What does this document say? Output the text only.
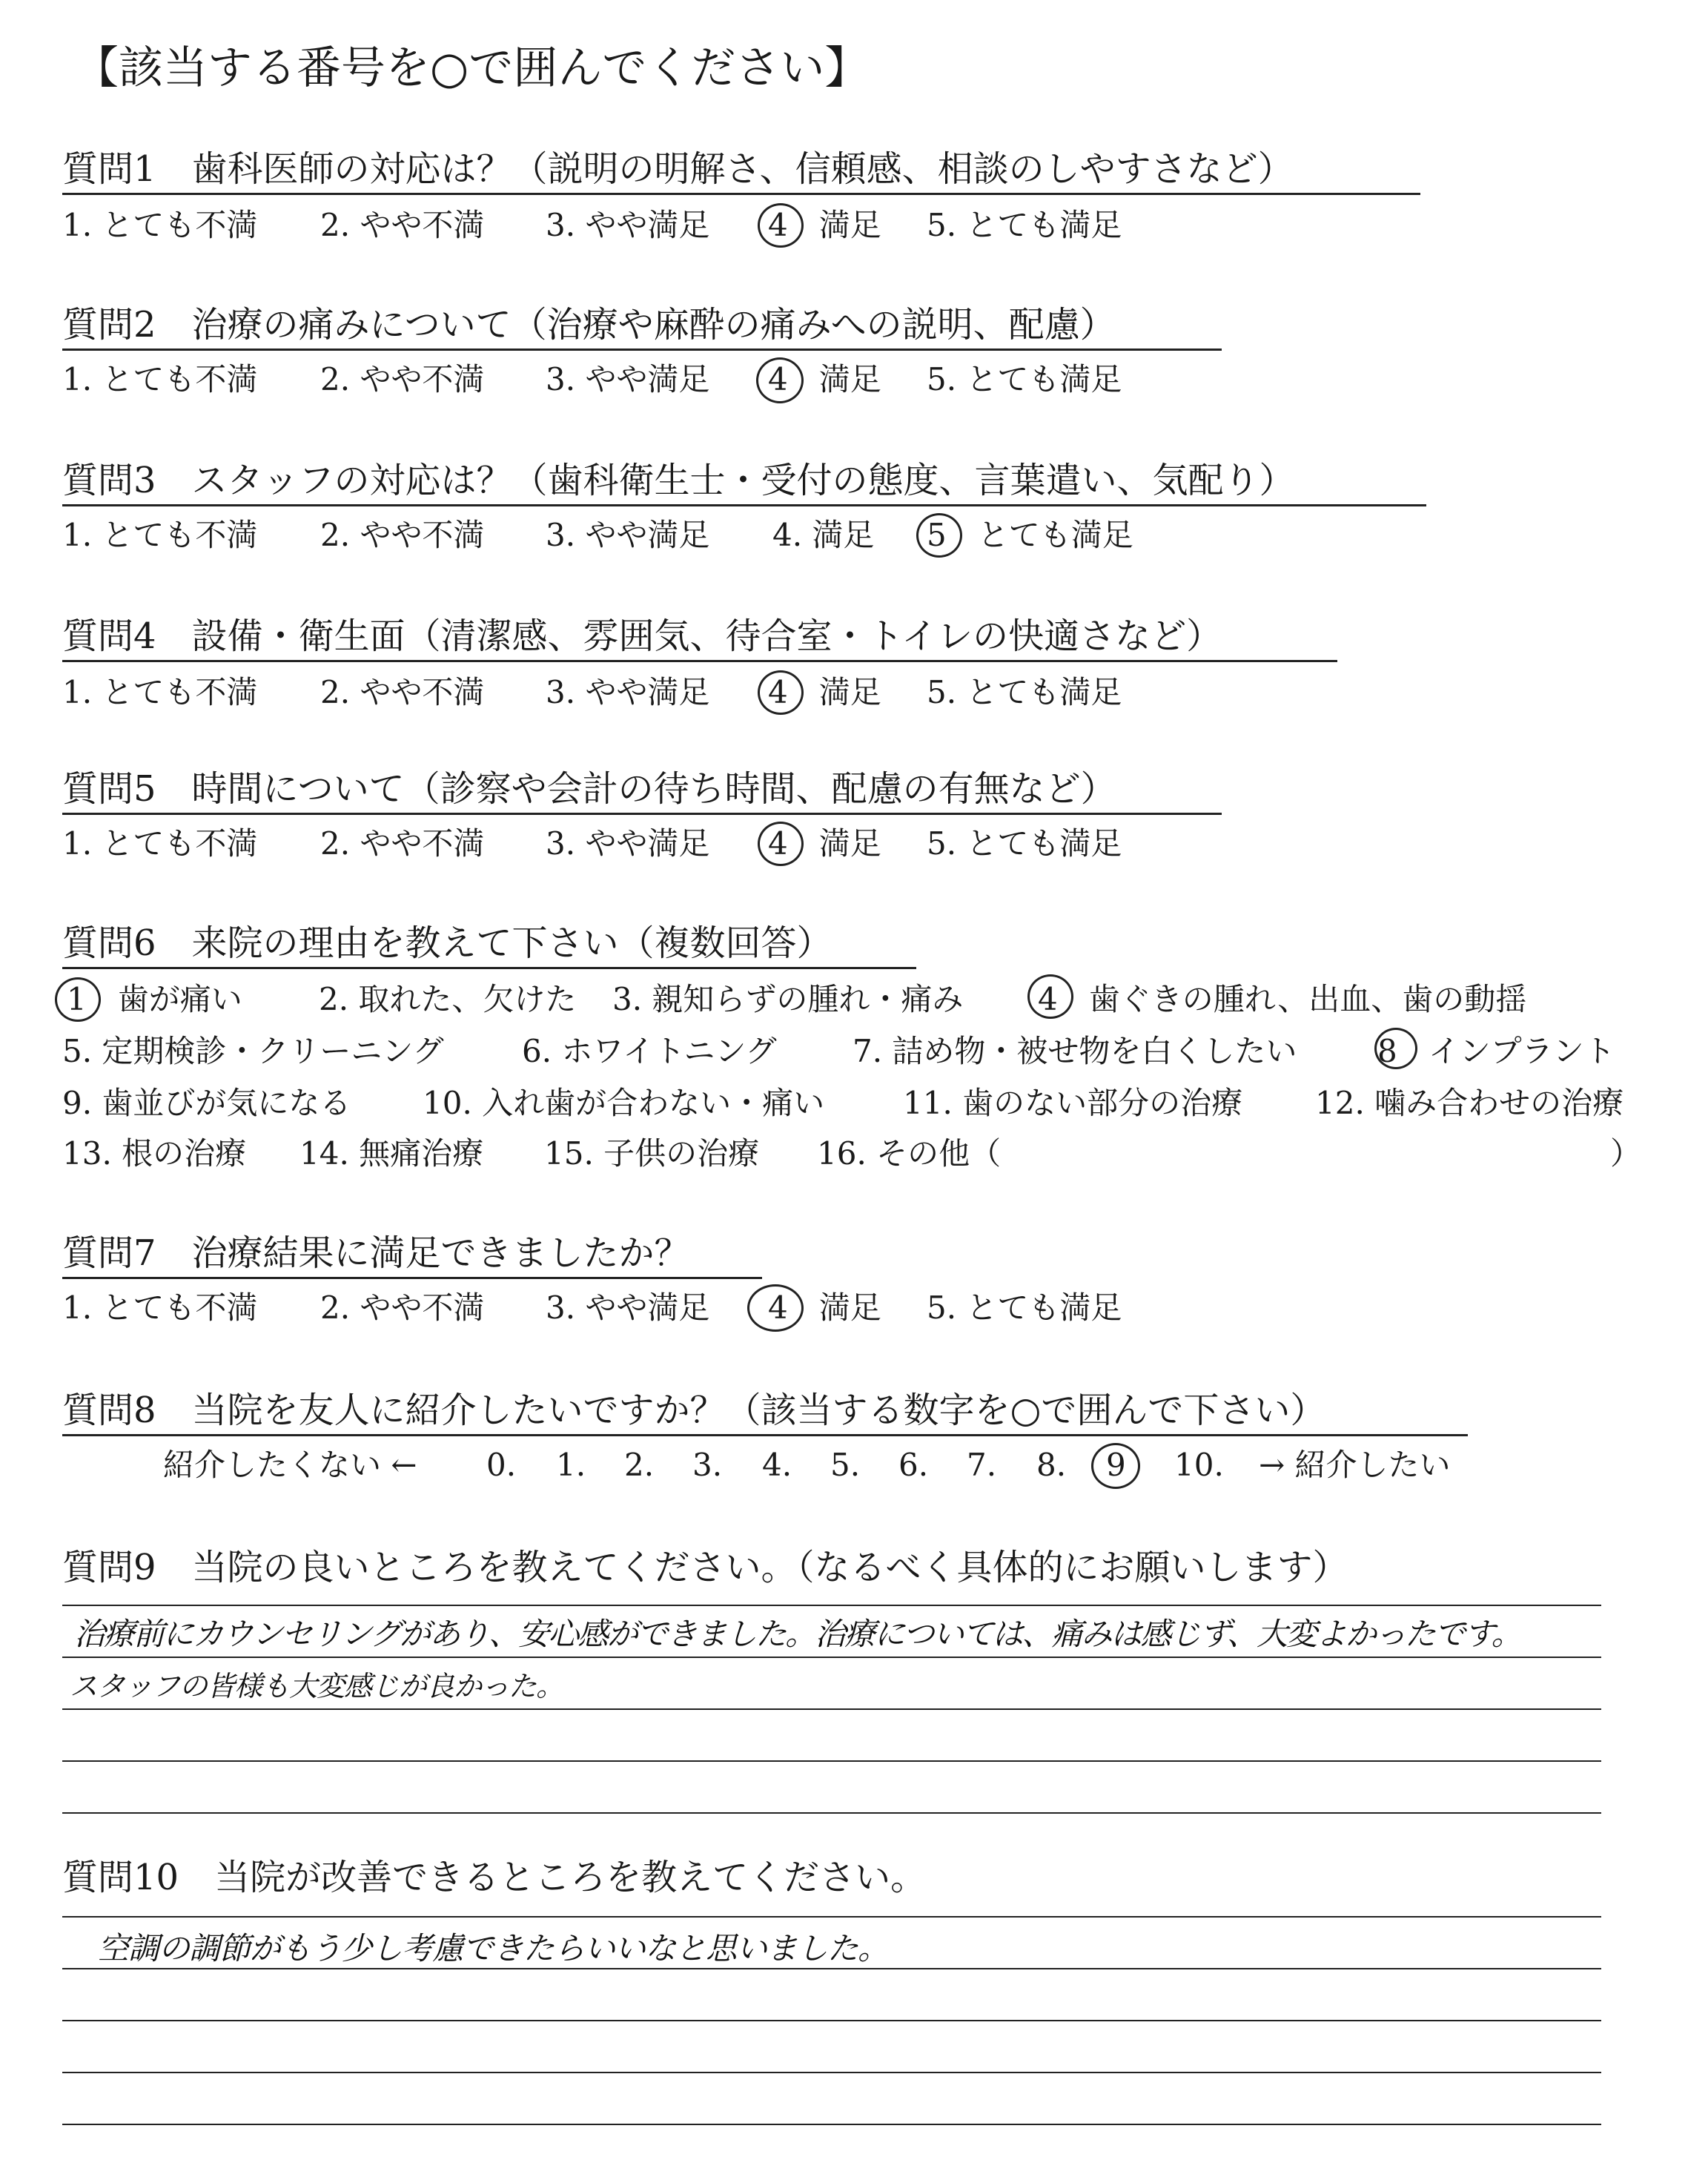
【該当する番号を○で囲んでください】
質問1　歯科医師の対応は？（説明の明解さ、信頼感、相談のしやすさなど）
1. とても不満 2. やや不満 3. やや満足 4　 満足 5. とても満足
質問2　治療の痛みについて（治療や麻酔の痛みへの説明、配慮）
1. とても不満 2. やや不満 3. やや満足 4　 満足 5. とても満足
質問3　スタッフの対応は？（歯科衛生士・受付の態度、言葉遣い、気配り）
1. とても不満 2. やや不満 3. やや満足 4. 満足 5　 とても満足
質問4　設備・衛生面（清潔感、雰囲気、待合室・トイレの快適さなど）
1. とても不満 2. やや不満 3. やや満足 4　 満足 5. とても満足
質問5　時間について（診察や会計の待ち時間、配慮の有無など）
1. とても不満 2. やや不満 3. やや満足 4　 満足 5. とても満足
質問6　来院の理由を教えて下さい（複数回答）
1　 歯が痛い 2. 取れた、欠けた 3. 親知らずの腫れ・痛み 4　 歯ぐきの腫れ、出血、歯の動揺
5. 定期検診・クリーニング	6. ホワイトニング 7. 詰め物・被せ物を白くしたい	8　 インプラント
9. 歯並びが気になる 10. 入れ歯が合わない・痛い	11. 歯のない部分の治療 12. 噛み合わせの治療
13. 根の治療 14. 無痛治療 15. 子供の治療 16. その他（	）
質問7　治療結果に満足できましたか？
1. とても不満 2. やや不満 3. やや満足 4　 満足 5. とても満足
質問8　当院を友人に紹介したいですか？（該当する数字を○で囲んで下さい）
紹介したくない ← 0. 1. 2. 3. 4. 5. 6. 7. 8. 9 10. → 紹介したい
質問9　当院の良いところを教えてください。（なるべく具体的にお願いします）
治療前にカウンセリングがあり、安心感ができました。治療については、痛みは感じず、大変よかったです。
スタッフの皆様も大変感じが良かった。
質問10　当院が改善できるところを教えてください。
空調の調節がもう少し考慮できたらいいなと思いました。
